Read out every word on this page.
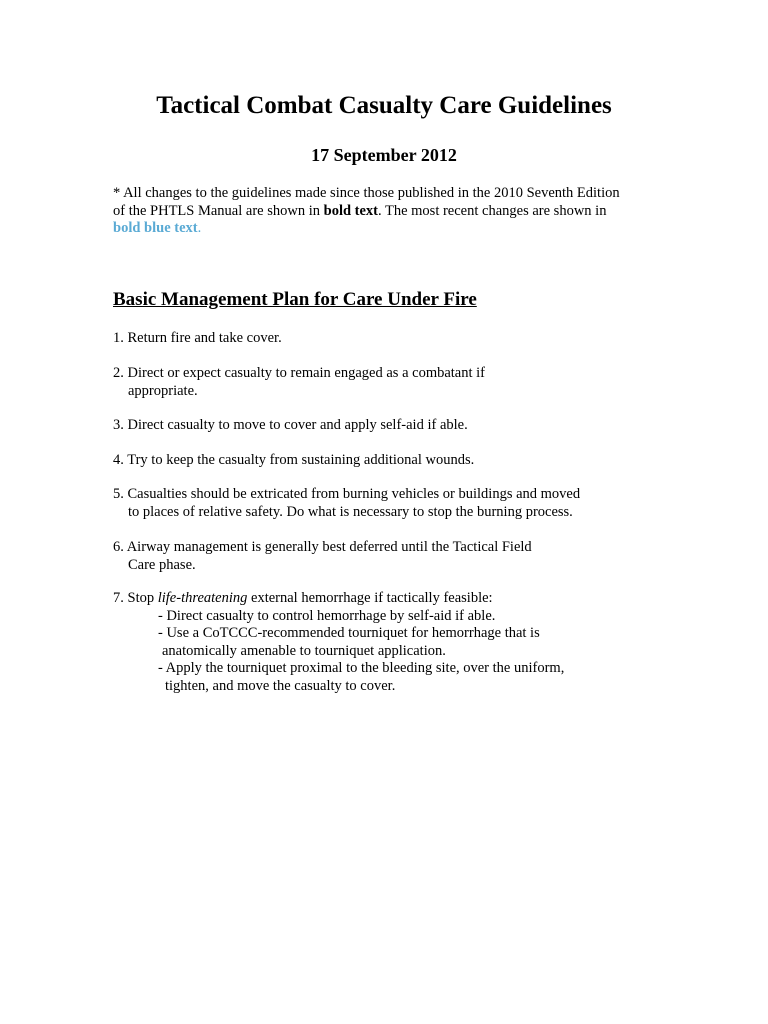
Tactical Combat Casualty Care Guidelines
17 September 2012
* All changes to the guidelines made since those published in the 2010 Seventh Edition
of the PHTLS Manual are shown in bold text. The most recent changes are shown in
bold blue text.
Basic Management Plan for Care Under Fire
1. Return fire and take cover.
2. Direct or expect casualty to remain engaged as a combatant if
appropriate.
3. Direct casualty to move to cover and apply self-aid if able.
4. Try to keep the casualty from sustaining additional wounds.
5. Casualties should be extricated from burning vehicles or buildings and moved
to places of relative safety. Do what is necessary to stop the burning process.
6. Airway management is generally best deferred until the Tactical Field
Care phase.
7. Stop life-threatening external hemorrhage if tactically feasible:
- Direct casualty to control hemorrhage by self-aid if able.
- Use a CoTCCC-recommended tourniquet for hemorrhage that is
anatomically amenable to tourniquet application.
- Apply the tourniquet proximal to the bleeding site, over the uniform,
tighten, and move the casualty to cover.
